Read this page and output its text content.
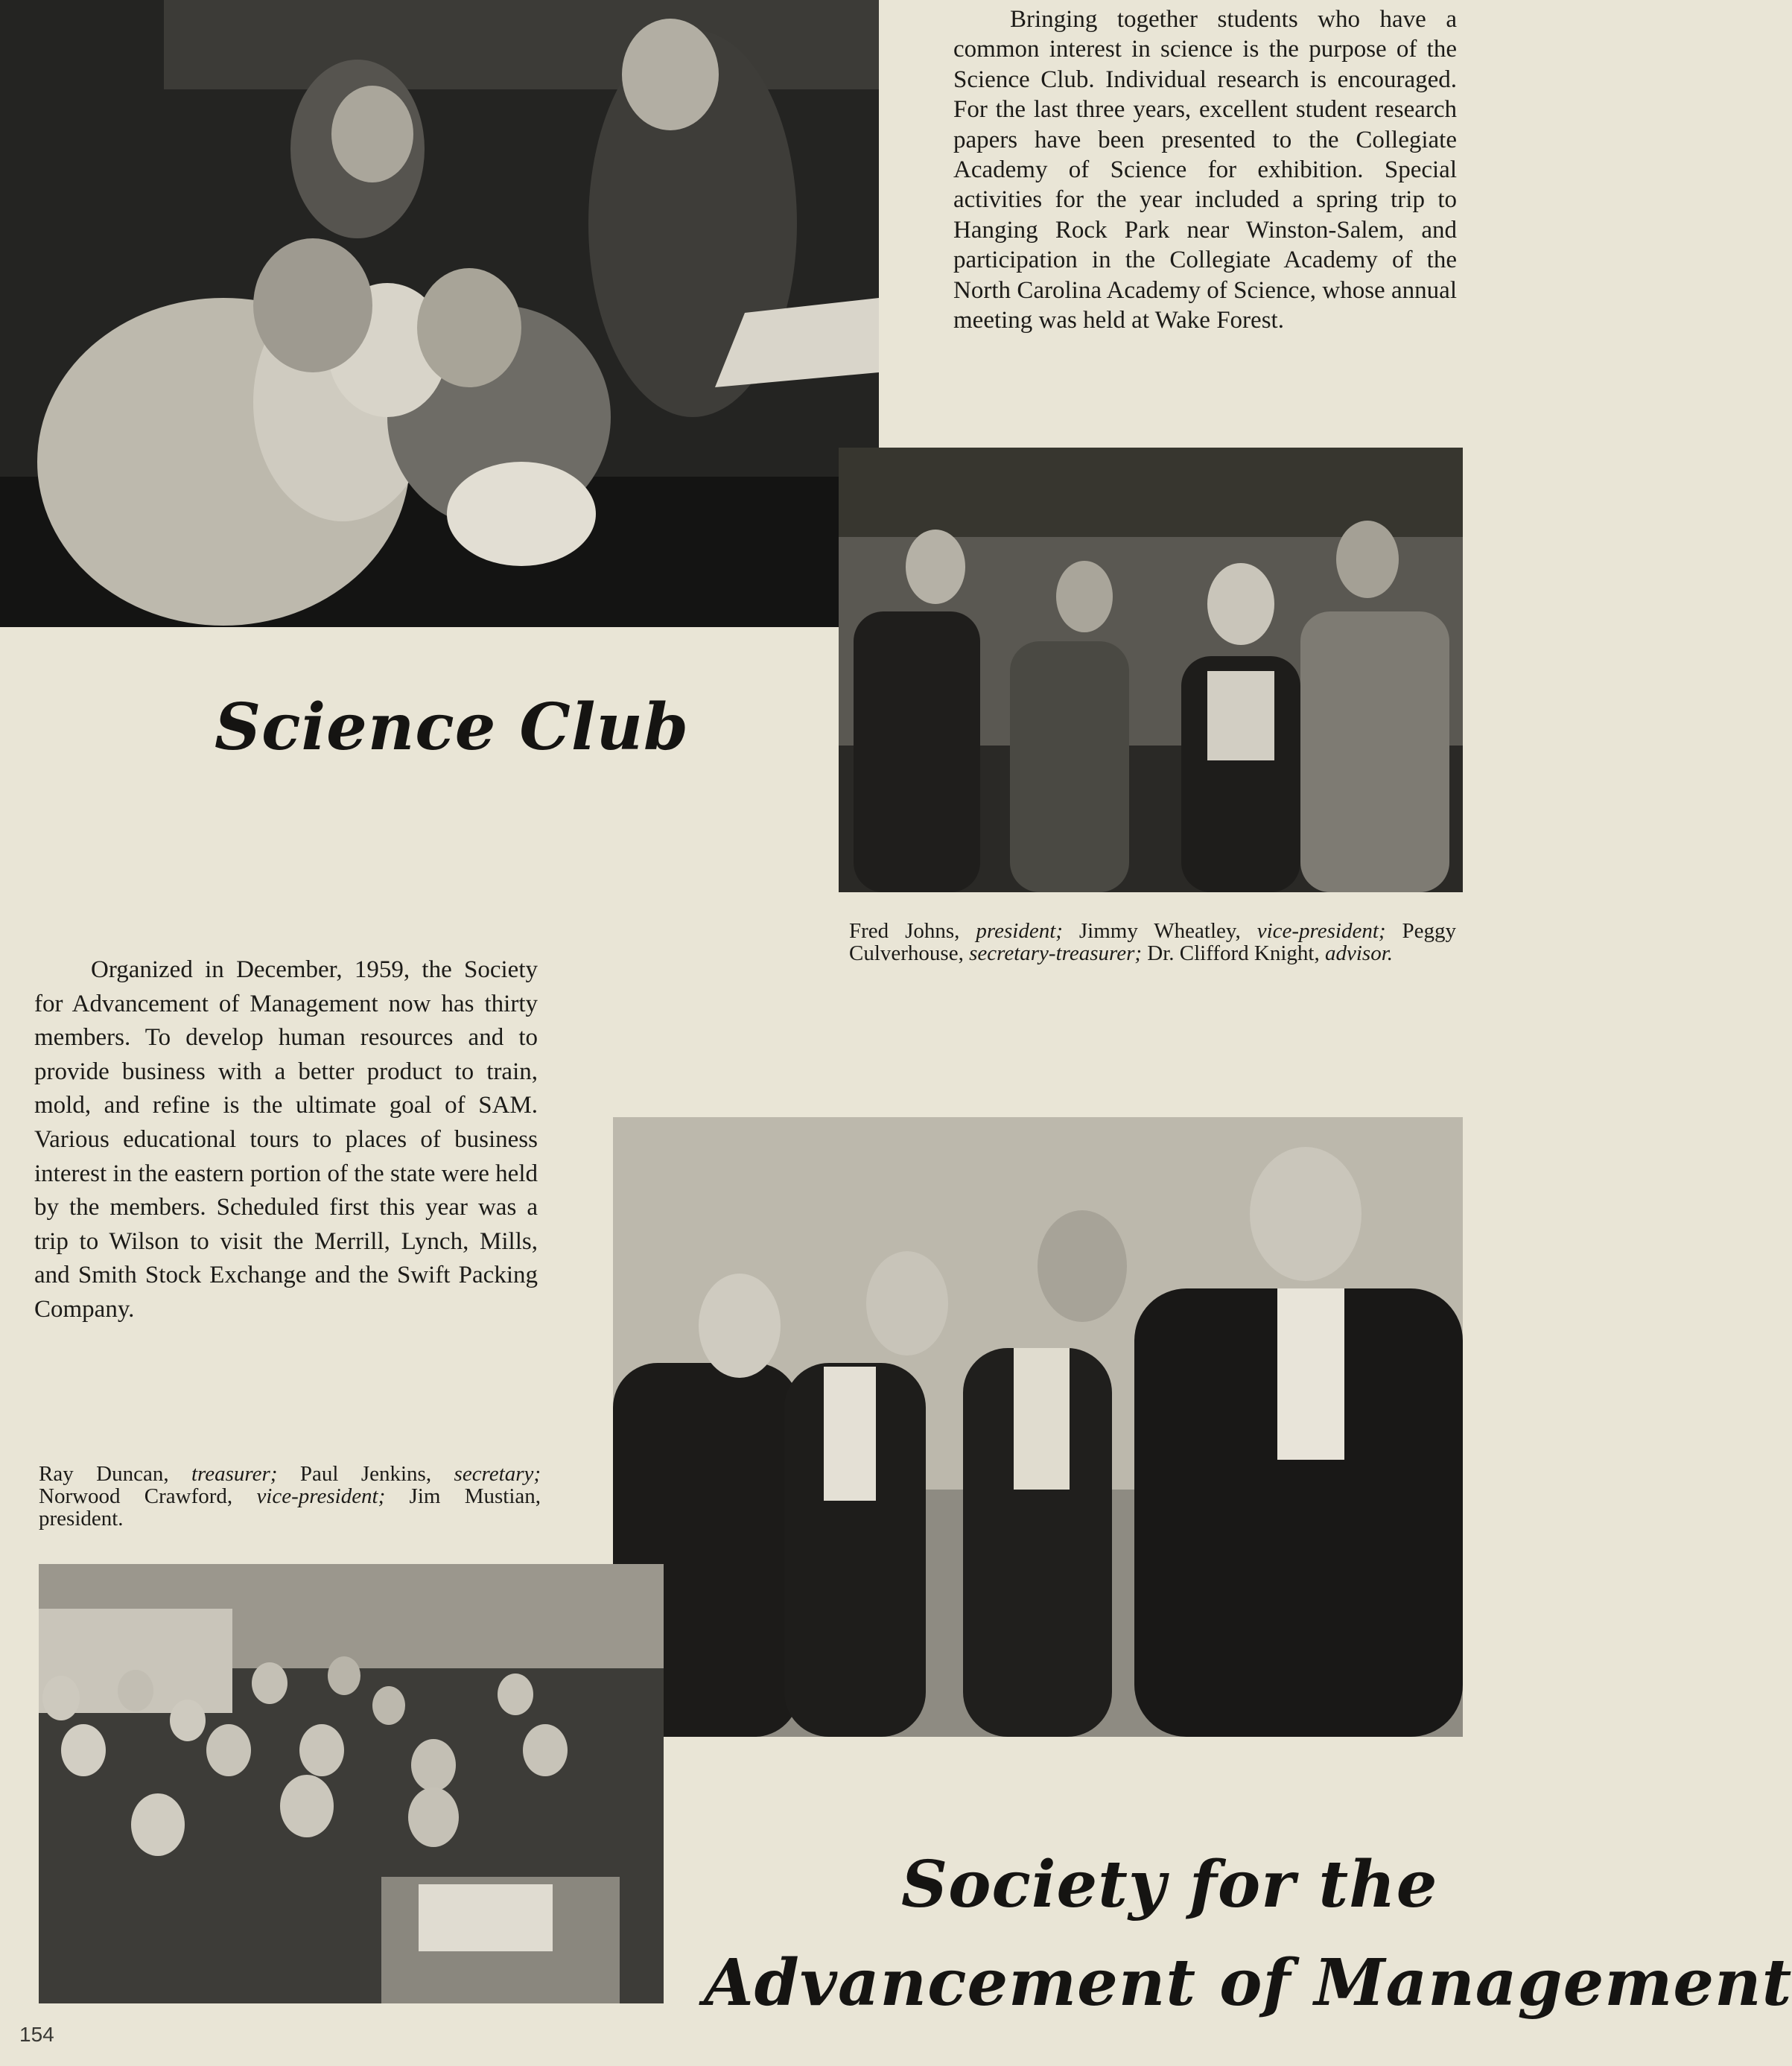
Bringing together students who have a common interest in science is the purpose of the Science Club. Individual research is encouraged. For the last three years, excellent student research papers have been presented to the Collegiate Academy of Science for exhibition. Special activities for the year included a spring trip to Hanging Rock Park near Winston-Salem, and participation in the Collegiate Academy of the North Carolina Academy of Science, whose annual meeting was held at Wake Forest.

Science Club

Fred Johns, president; Jimmy Wheatley, vice-president; Peggy Culverhouse, secretary-treasurer; Dr. Clifford Knight, advisor.

Organized in December, 1959, the Society for Advancement of Management now has thirty members. To develop human resources and to provide business with a better product to train, mold, and refine is the ultimate goal of SAM. Various educational tours to places of business interest in the eastern portion of the state were held by the members. Scheduled first this year was a trip to Wilson to visit the Merrill, Lynch, Mills, and Smith Stock Exchange and the Swift Packing Company.

Ray Duncan, treasurer; Paul Jenkins, secretary; Norwood Crawford, vice-president; Jim Mustian, president.

Society for the
Advancement of Management
154
